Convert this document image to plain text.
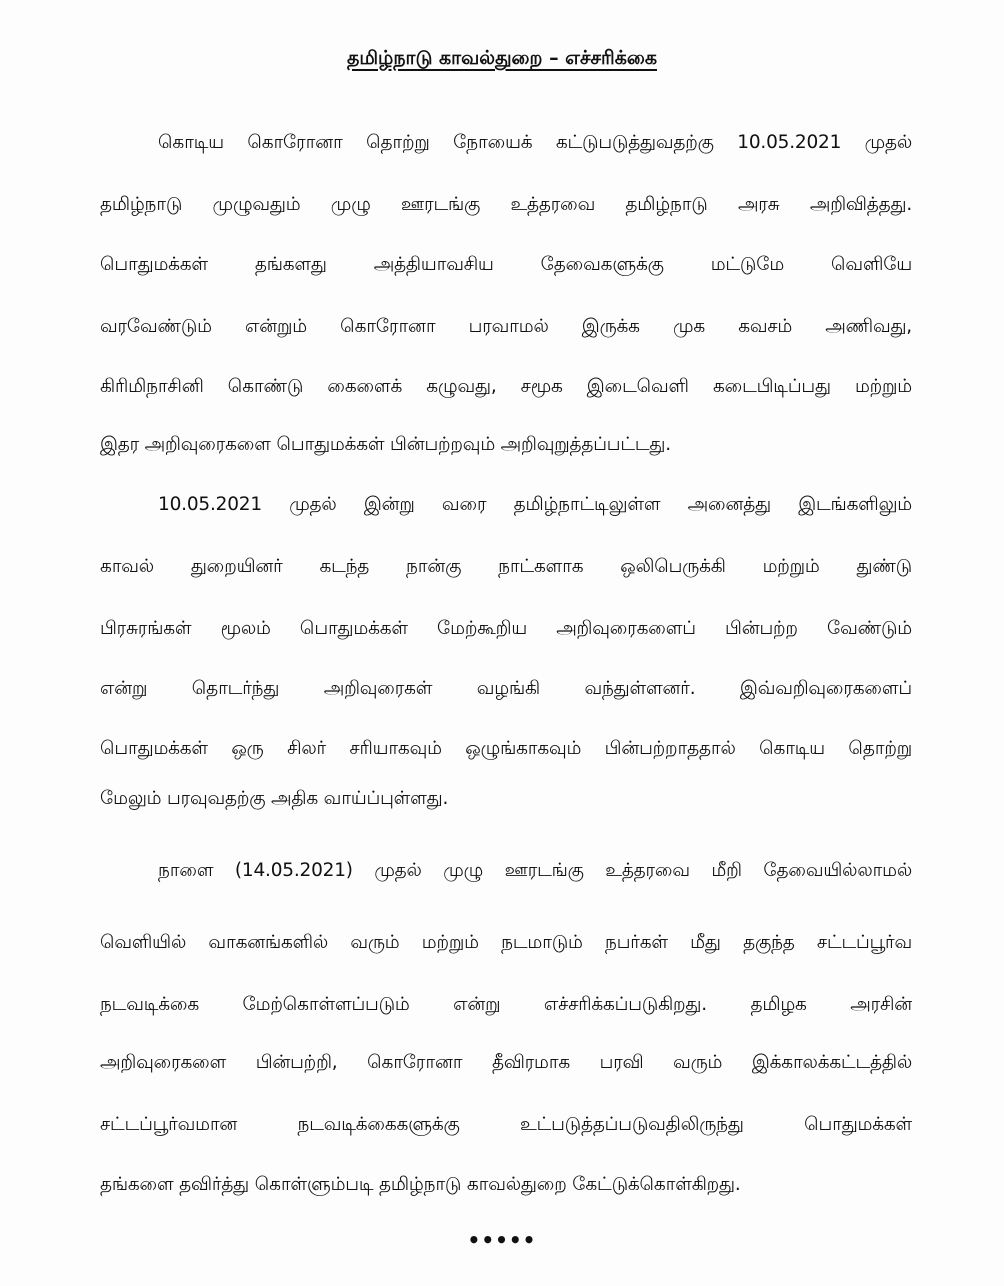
தமிழ்நாடு காவல்துறை – எச்சரிக்கை
கொடிய கொரோனா தொற்று நோயைக் கட்டுபடுத்துவதற்கு 10.05.2021 முதல்
தமிழ்நாடு முழுவதும் முழு ஊரடங்கு உத்தரவை தமிழ்நாடு அரசு அறிவித்தது.
பொதுமக்கள் தங்களது அத்தியாவசிய தேவைகளுக்கு மட்டுமே வெளியே
வரவேண்டும் என்றும் கொரோனா பரவாமல் இருக்க முக கவசம் அணிவது,
கிரிமிநாசினி கொண்டு கைளைக் கழுவது, சமூக இடைவெளி கடைபிடிப்பது மற்றும்
இதர அறிவுரைகளை பொதுமக்கள் பின்பற்றவும் அறிவுறுத்தப்பட்டது.
10.05.2021 முதல் இன்று வரை தமிழ்நாட்டிலுள்ள அனைத்து இடங்களிலும்
காவல் துறையினர் கடந்த நான்கு நாட்களாக ஒலிபெருக்கி மற்றும் துண்டு
பிரசுரங்கள் மூலம் பொதுமக்கள் மேற்கூறிய அறிவுரைகளைப் பின்பற்ற வேண்டும்
என்று தொடர்ந்து அறிவுரைகள் வழங்கி வந்துள்ளனர். இவ்வறிவுரைகளைப்
பொதுமக்கள் ஒரு சிலர் சரியாகவும் ஒழுங்காகவும் பின்பற்றாததால் கொடிய தொற்று
மேலும் பரவுவதற்கு அதிக வாய்ப்புள்ளது.
நாளை (14.05.2021) முதல் முழு ஊரடங்கு உத்தரவை மீறி தேவையில்லாமல்
வெளியில் வாகனங்களில் வரும் மற்றும் நடமாடும் நபர்கள் மீது தகுந்த சட்டப்பூர்வ
நடவடிக்கை மேற்கொள்ளப்படும் என்று எச்சரிக்கப்படுகிறது. தமிழக அரசின்
அறிவுரைகளை பின்பற்றி, கொரோனா தீவிரமாக பரவி வரும் இக்காலக்கட்டத்தில்
சட்டப்பூர்வமான நடவடிக்கைகளுக்கு உட்படுத்தப்படுவதிலிருந்து பொதுமக்கள்
தங்களை தவிர்த்து கொள்ளும்படி தமிழ்நாடு காவல்துறை கேட்டுக்கொள்கிறது.
•••••
